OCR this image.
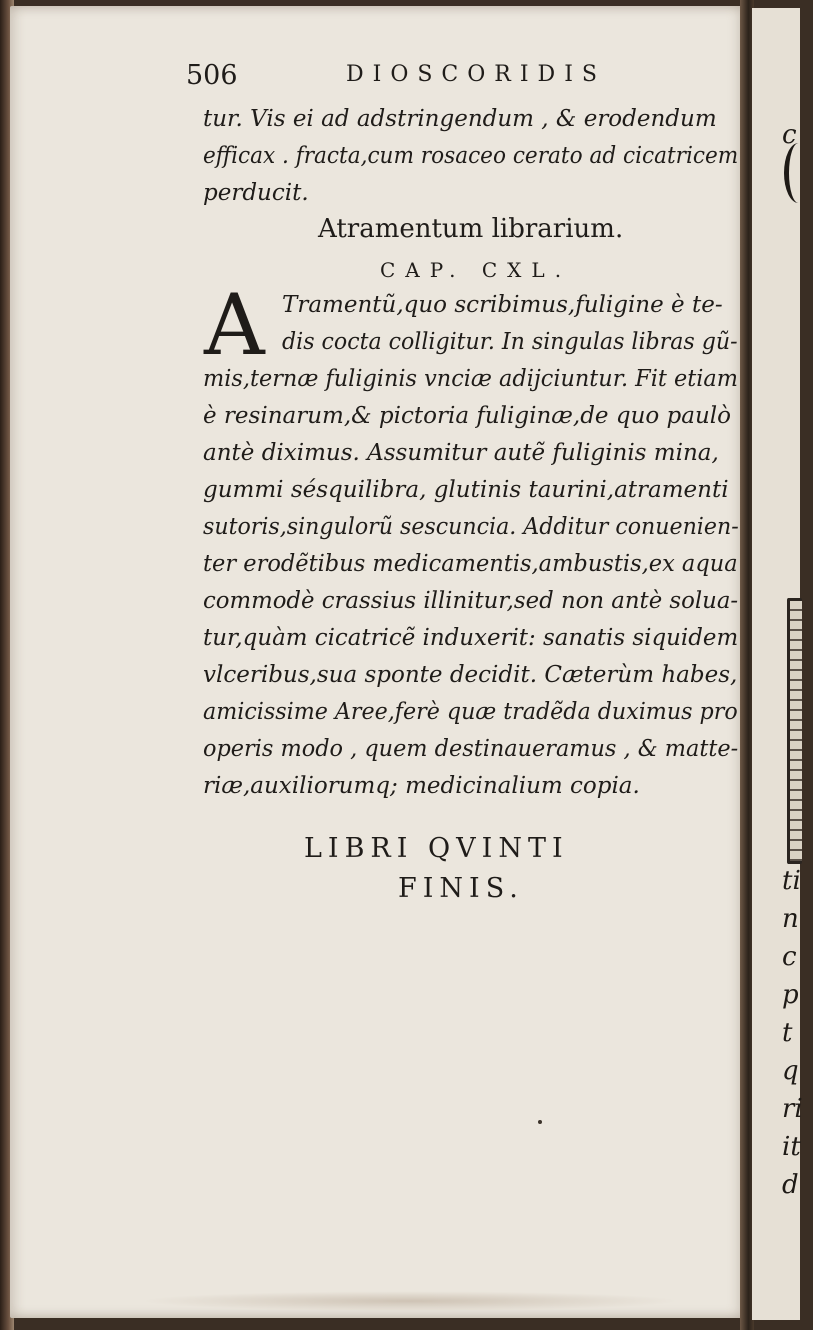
c
ti
n
c
p
t
q
ri
it
d
506	DIOSCORIDIS
tur. Vis ei ad adstringendum , & erodendum
efficax . fracta,cum rosaceo cerato ad cicatricem
perducit.
Atramentum librarium.
CAP. CXL.
A Tramentũ,quo scribimus,fuligine è te-
dis cocta colligitur. In singulas libras gũ-
mis,ternæ fuliginis vnciæ adijciuntur. Fit etiam
è resinarum,& pictoria fuliginæ,de quo paulò
antè diximus. Assumitur autẽ fuliginis mina,
gummi sésquilibra, glutinis taurini,atramenti
sutoris,singulorũ sescuncia. Additur conuenien-
ter erodẽtibus medicamentis,ambustis,ex aqua
commodè crassius illinitur,sed non antè solua-
tur,quàm cicatricẽ induxerit: sanatis siquidem
vlceribus,sua sponte decidit. Cæterùm habes,
amicissime Aree,ferè quæ tradẽda duximus pro
operis modo , quem destinaueramus , & matte-
riæ,auxiliorumq; medicinalium copia.
LIBRI QVINTI
FINIS.
